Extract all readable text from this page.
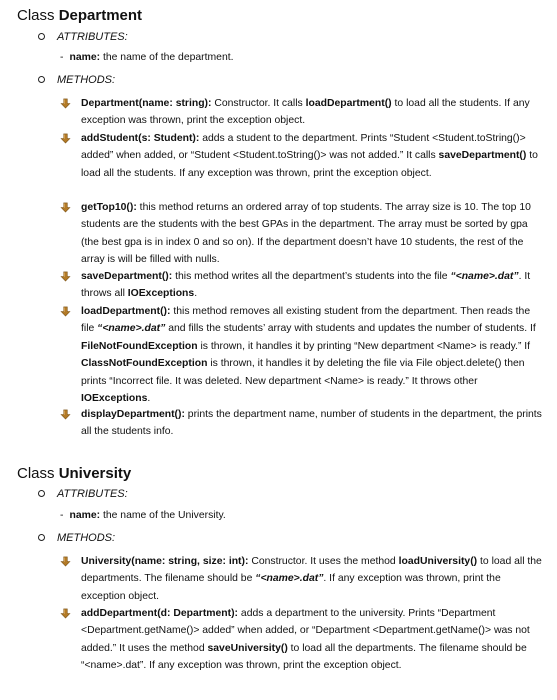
Class Department
ATTRIBUTES:
- name: the name of the department.
METHODS:
Department(name: string): Constructor. It calls loadDepartment() to load all the students. If any exception was thrown, print the exception object.
addStudent(s: Student): adds a student to the department. Prints “Student <Student.toString()> added” when added, or “Student <Student.toString()> was not added.” It calls saveDepartment() to load all the students. If any exception was thrown, print the exception object.
getTop10(): this method returns an ordered array of top students. The array size is 10. The top 10 students are the students with the best GPAs in the department. The array must be sorted by gpa (the best gpa is in index 0 and so on). If the department doesn’t have 10 students, the rest of the array is will be filled with nulls.
saveDepartment(): this method writes all the department’s students into the file “<name>.dat”. It throws all IOExceptions.
loadDepartment(): this method removes all existing student from the department. Then reads the file “<name>.dat” and fills the students’ array with students and updates the number of students. If FileNotFoundException is thrown, it handles it by printing “New department <Name> is ready.” If ClassNotFoundException is thrown, it handles it by deleting the file via File object.delete() then prints “Incorrect file. It was deleted. New department <Name> is ready.” It throws other IOExceptions.
displayDepartment(): prints the department name, number of students in the department, the prints all the students info.
Class University
ATTRIBUTES:
- name: the name of the University.
METHODS:
University(name: string, size: int): Constructor. It uses the method loadUniversity() to load all the departments. The filename should be “<name>.dat”. If any exception was thrown, print the exception object.
addDepartment(d: Department): adds a department to the university. Prints “Department <Department.getName()> added” when added, or “Department <Department.getName()> was not added.” It uses the method saveUniversity() to load all the departments. The filename should be “<name>.dat”. If any exception was thrown, print the exception object.
